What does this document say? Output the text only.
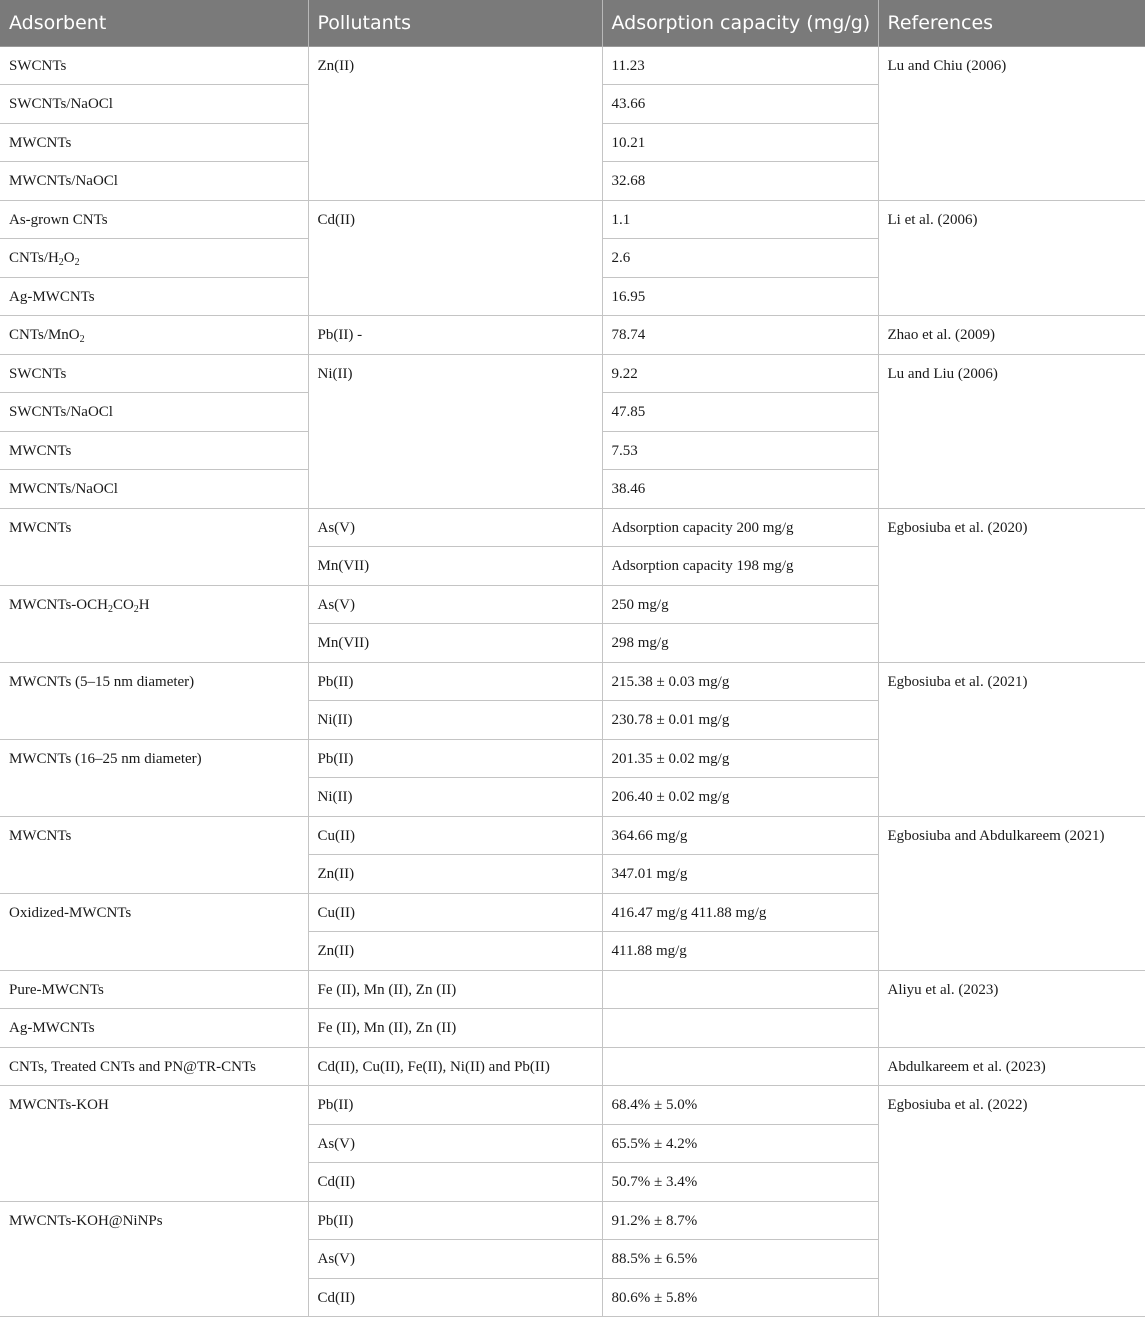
Adsorbent	Pollutants	Adsorption capacity (mg/g)	References
SWCNTs	Zn(II)	11.23	Lu and Chiu (2006)
SWCNTs/NaOCl		43.66	
MWCNTs		10.21	
MWCNTs/NaOCl		32.68	
As-grown CNTs	Cd(II)	1.1	Li et al. (2006)
CNTs/$H_2O_2$		2.6	
Ag-MWCNTs		16.95	
CNTs/MnO$_2$	Pb(II) -	78.74	Zhao et al. (2009)
SWCNTs	Ni(II)	9.22	Lu and Liu (2006)
SWCNTs/NaOCl		47.85	
MWCNTs		7.53	
MWCNTs/NaOCl		38.46	
MWCNTs	As(V)	Adsorption capacity 200 mg/g	Egbosiuba et al. (2020)
	Mn(VII)	Adsorption capacity 198 mg/g	
MWCNTs-$OCH_2CO_2H$	As(V)	250 mg/g	
	Mn(VII)	298 mg/g	
MWCNTs (5–15 nm diameter)	Pb(II)	215.38 ± 0.03 mg/g	Egbosiuba et al. (2021)
	Ni(II)	230.78 ± 0.01 mg/g	
MWCNTs (16–25 nm diameter)	Pb(II)	201.35 ± 0.02 mg/g	
	Ni(II)	206.40 ± 0.02 mg/g	
MWCNTs	Cu(II)	364.66 mg/g	Egbosiuba and Abdulkareem (2021)
	Zn(II)	347.01 mg/g	
Oxidized-MWCNTs	Cu(II)	416.47 mg/g 411.88 mg/g	
	Zn(II)	411.88 mg/g	
Pure-MWCNTs	Fe (II), Mn (II), Zn (II)		Aliyu et al. (2023)
Ag-MWCNTs	Fe (II), Mn (II), Zn (II)		
CNTs, Treated CNTs and PN@TR-CNTs	Cd(II), Cu(II), Fe(II), Ni(II) and Pb(II)		Abdulkareem et al. (2023)
MWCNTs-KOH	Pb(II)	68.4% ± 5.0%	Egbosiuba et al. (2022)
	As(V)	65.5% ± 4.2%	
	Cd(II)	50.7% ± 3.4%	
MWCNTs-KOH@NiNPs	Pb(II)	91.2% ± 8.7%	
	As(V)	88.5% ± 6.5%	
	Cd(II)	80.6% ± 5.8%	
